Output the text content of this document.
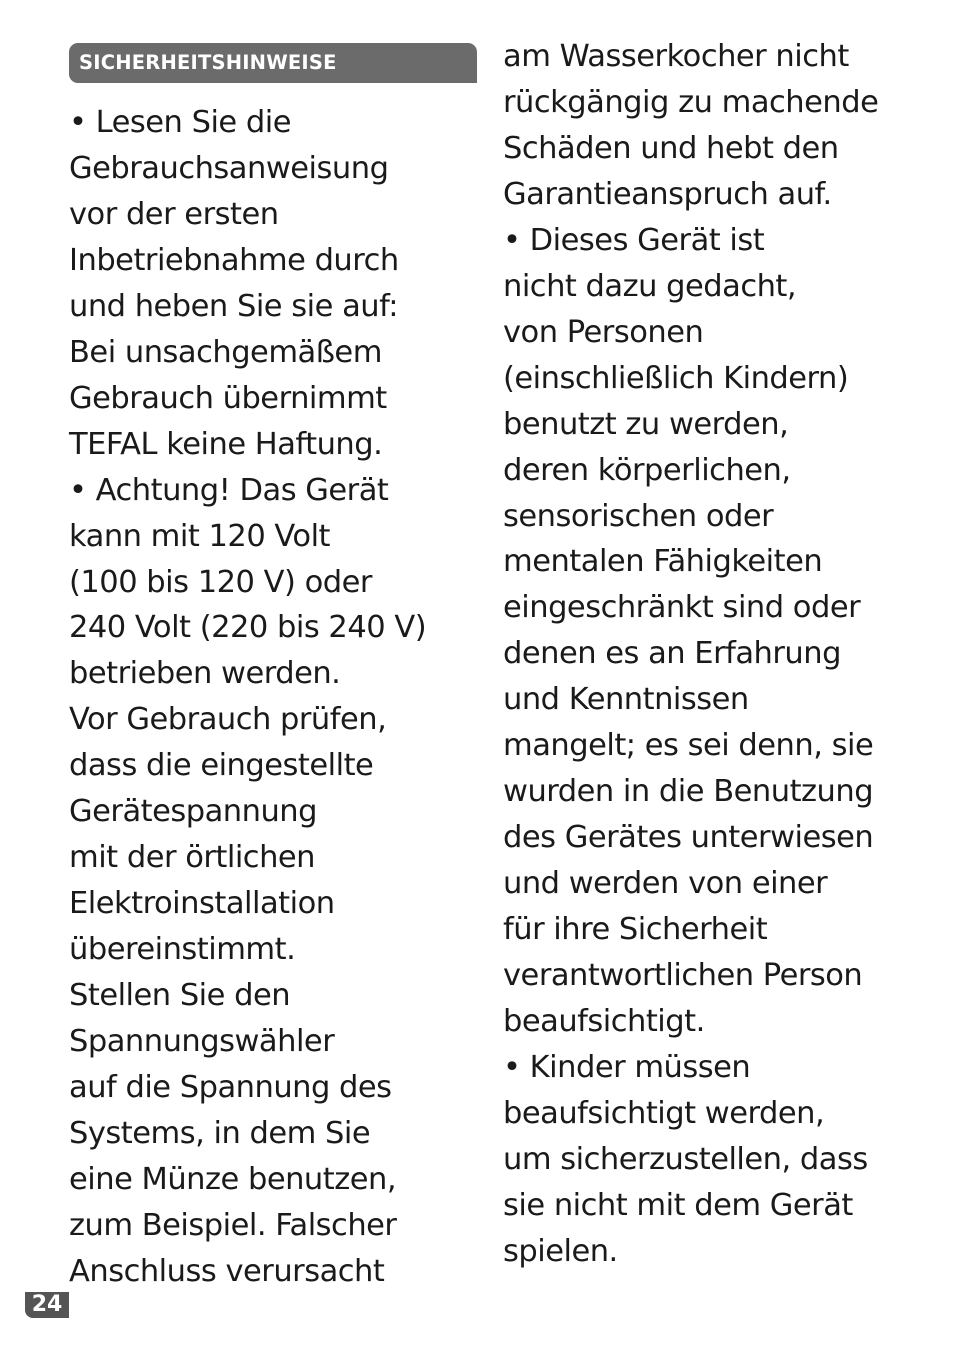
SICHERHEITSHINWEISE
• Lesen Sie die
Gebrauchsanweisung
vor der ersten
Inbetriebnahme durch
und heben Sie sie auf:
Bei unsachgemäßem
Gebrauch übernimmt
TEFAL keine Haftung.
• Achtung! Das Gerät
kann mit 120 Volt
(100 bis 120 V) oder
240 Volt (220 bis 240 V)
betrieben werden.
Vor Gebrauch prüfen,
dass die eingestellte
Gerätespannung
mit der örtlichen
Elektroinstallation
übereinstimmt.
Stellen Sie den
Spannungswähler
auf die Spannung des
Systems, in dem Sie
eine Münze benutzen,
zum Beispiel. Falscher
Anschluss verursacht
am Wasserkocher nicht
rückgängig zu machende
Schäden und hebt den
Garantieanspruch auf.
• Dieses Gerät ist
nicht dazu gedacht,
von Personen
(einschließlich Kindern)
benutzt zu werden,
deren körperlichen,
sensorischen oder
mentalen Fähigkeiten
eingeschränkt sind oder
denen es an Erfahrung
und Kenntnissen
mangelt; es sei denn, sie
wurden in die Benutzung
des Gerätes unterwiesen
und werden von einer
für ihre Sicherheit
verantwortlichen Person
beaufsichtigt.
• Kinder müssen
beaufsichtigt werden,
um sicherzustellen, dass
sie nicht mit dem Gerät
spielen.
24
